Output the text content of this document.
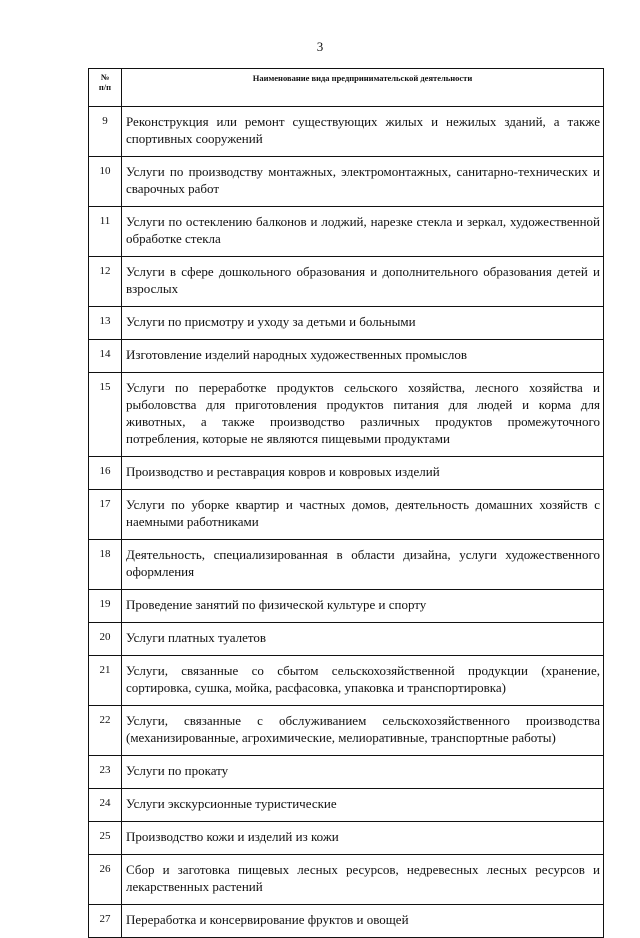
3
№
п/п	Наименование вида предпринимательской деятельности
9	Реконструкция или ремонт существующих жилых и нежилых зданий, а также спортивных сооружений
10	Услуги по производству монтажных, электромонтажных, санитарно-технических и сварочных работ
11	Услуги по остеклению балконов и лоджий, нарезке стекла и зеркал, художественной обработке стекла
12	Услуги в сфере дошкольного образования и дополнительного образования детей и взрослых
13	Услуги по присмотру и уходу за детьми и больными
14	Изготовление изделий народных художественных промыслов
15	Услуги по переработке продуктов сельского хозяйства, лесного хозяйства и рыболовства для приготовления продуктов питания для людей и корма для животных, а также производство различных продуктов промежуточного потребления, которые не являются пищевыми продуктами
16	Производство и реставрация ковров и ковровых изделий
17	Услуги по уборке квартир и частных домов, деятельность домашних хозяйств с наемными работниками
18	Деятельность, специализированная в области дизайна, услуги художественного оформления
19	Проведение занятий по физической культуре и спорту
20	Услуги платных туалетов
21	Услуги, связанные со сбытом сельскохозяйственной продукции (хранение, сортировка, сушка, мойка, расфасовка, упаковка и транспортировка)
22	Услуги, связанные с обслуживанием сельскохозяйственного производства (механизированные, агрохимические, мелиоративные, транспортные работы)
23	Услуги по прокату
24	Услуги экскурсионные туристические
25	Производство кожи и изделий из кожи
26	Сбор и заготовка пищевых лесных ресурсов, недревесных лесных ресурсов и лекарственных растений
27	Переработка и консервирование фруктов и овощей
